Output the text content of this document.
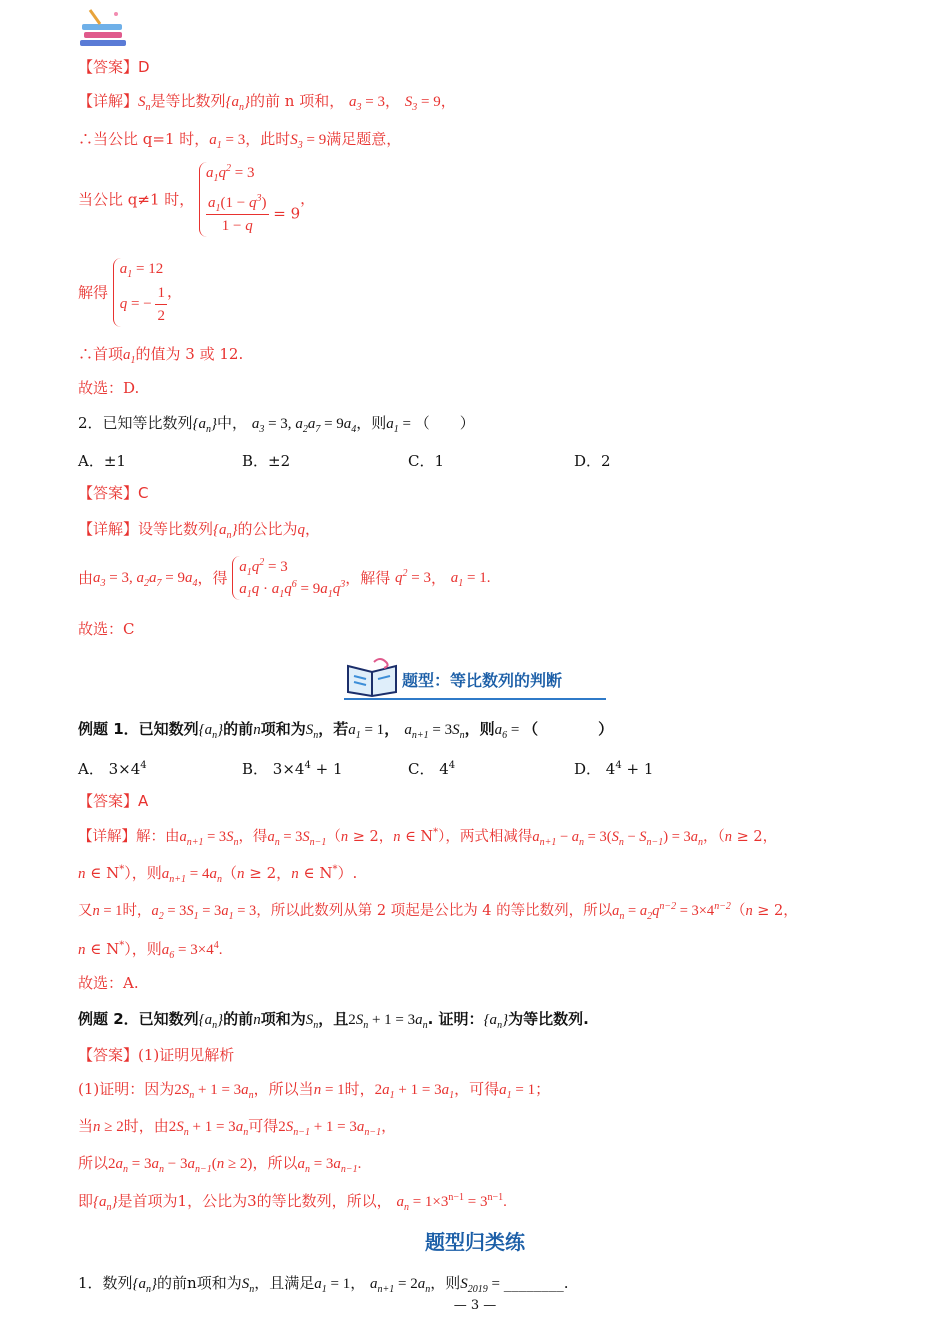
【答案】D
【详解】$S_n$是等比数列$\{a_n\}$的前 n 项和， $a_3 = 3$， $S_3 = 9$，
∴当公比 q=1 时，$a_1 = 3$，此时$S_3 = 9$满足题意，
当公比 q≠1 时，
$a_1q^2 = 3$
$\frac{a_1(1 - q^3)}{1 - q} = 9$
，
解得
$a_1 = 12$
q = − $\frac{1}{2}$ ，
∴首项$a_1$的值为 3 或 12.
故选：D.
2．已知等比数列$\{a_n\}$中， $a_3 = 3$, $a_2a_7 = 9a_4$，则$a_1$ = （　　）
A．±1	B．±2	C．1	D．2
【答案】C
【详解】设等比数列$\{a_n\}$的公比为q，
由$a_3 = 3$, $a_2a_7 = 9a_4$，得
$a_1q^2 = 3$
$a_1q \cdot a_1q^6 = 9a_1q^3$ ，解得 $q^2 = 3$， $a_1 = 1$.
故选：C
题型：等比数列的判断
例题 1．已知数列$\{a_n\}$的前n项和为$S_n$，若$a_1 = 1$， $a_{n+1} = 3S_n$，则$a_6$ = （　　　　）
A． $3\times 4^4$	B． $3\times 4^4 + 1$	C． $4^4$	D． $4^4 + 1$
【答案】A
【详解】解：由$a_{n+1} = 3S_n$，得$a_n = 3S_{n-1}(n \ge 2$，n ∈ N*），两式相减得$a_{n+1} - a_n = 3(S_n - S_{n-1}) = 3a_n$，（n ≥ 2，
n ∈ N*），则$a_{n+1} = 4a_n(n \ge 2$，n ∈ N*）.
又n = 1时，$a_2 = 3S_1 = 3a_1 = 3$，所以此数列从第 2 项起是公比为 4 的等比数列，所以$a_n = a_2q^{n-2} = 3\times 4^{n-2}(n \ge 2$，
n ∈ N*），则$a_6 = 3\times 4^4$.
故选：A.
例题 2．已知数列$\{a_n\}$的前n项和为$S_n$，且$2S_n + 1 = 3a_n$. 证明：$\{a_n\}$为等比数列.
【答案】(1)证明见解析
(1)证明：因为$2S_n + 1 = 3a_n$，所以当n = 1时，$2a_1 + 1 = 3a_1$，可得$a_1 = 1$；
当n ≥ 2时，由$2S_n + 1 = 3a_n$可得$2S_{n-1} + 1 = 3a_{n-1}$，
所以$2a_n = 3a_n - 3a_{n-1}(n \ge 2)$，所以$a_n = 3a_{n-1}$.
即$\{a_n\}$是首项为1，公比为3的等比数列，所以， $a_n = 1\times 3^{n-1} = 3^{n-1}$.
题型归类练
1．数列$\{a_n\}$的前n项和为$S_n$，且满足$a_1 = 1$， $a_{n+1} = 2a_n$，则$S_{2019}$ = ________.
— 3 —
